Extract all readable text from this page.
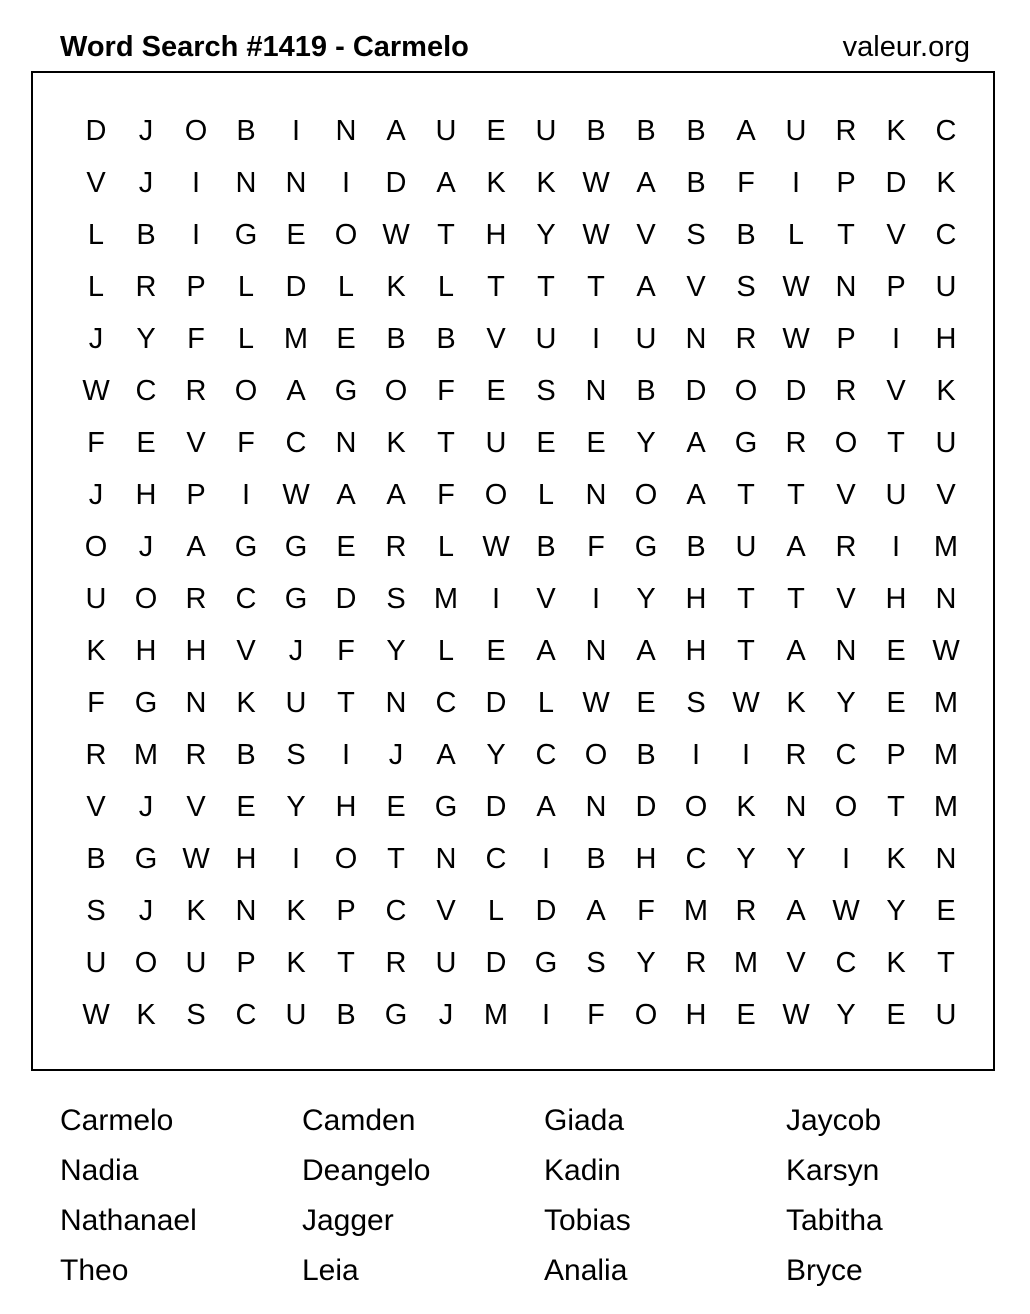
Word Search #1419 - Carmelo	valeur.org
D	J	O	B	I	N	A	U	E	U	B	B	B	A	U	R	K	C
V	J	I	N	N	I	D	A	K	K W A	B	F	I	P	D	K
L	B	I	G	E	O W T	H	Y W V	S	B	L	T	V	C
L	R	P	L	D	L	K	L	T	T	T	A	V	S W N	P	U
J	Y	F	L	M E	B	B	V	U	I	U	N	R W P	I	H
W C	R O	A	G O	F	E	S	N	B	D O D	R	V	K
F	E	V	F	C	N	K	T	U	E	E	Y	A	G R O	T	U
J	H	P	I	W A	A	F	O	L	N O	A	T	T	V	U	V
O	J	A	G G	E	R	L W B	F	G	B	U	A	R	I	M
U O R	C G D	S M	I	V	I	Y	H	T	T	V	H	N
K	H	H	V	J	F	Y	L	E	A	N	A	H	T	A	N	E W
F	G N	K	U	T	N	C	D	L W E	S W K	Y	E M
R M R	B	S	I	J	A	Y	C O	B	I	I	R	C	P M
V	J	V	E	Y	H	E	G D	A	N	D O	K	N O	T	M
B	G W H	I	O	T	N	C	I	B	H	C	Y	Y	I	K	N
S	J	K	N	K	P	C	V	L	D	A	F	M R	A W Y	E
U O U	P	K	T	R	U	D G	S	Y	R M V	C	K	T
W K	S	C	U	B	G	J	M	I	F	O H	E W Y	E	U
Carmelo	Camden	Giada	Jaycob
Nadia	Deangelo	Kadin	Karsyn
Nathanael	Jagger	Tobias	Tabitha
Theo	Leia	Analia	Bryce
